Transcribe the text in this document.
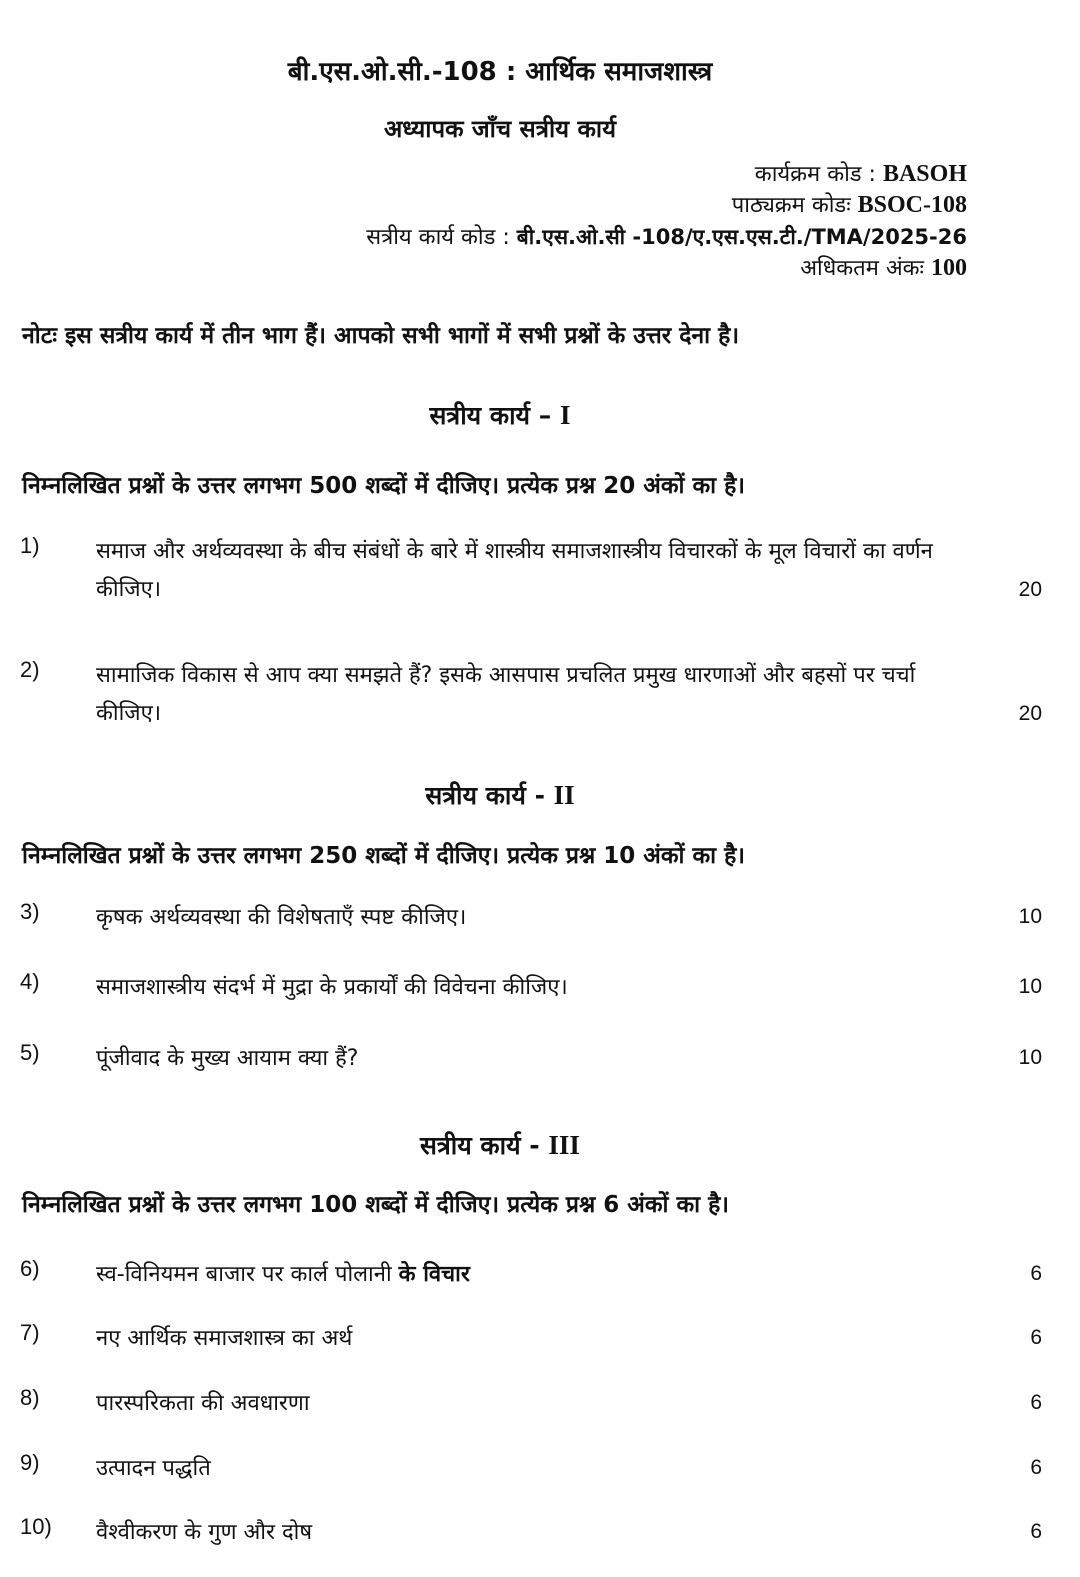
बी.एस.ओ.सी.-108 : आर्थिक समाजशास्त्र
अध्यापक जाँच सत्रीय कार्य
कार्यक्रम कोड : BASOH
पाठ्यक्रम कोडः BSOC-108
सत्रीय कार्य कोड : बी.एस.ओ.सी -108/ए.एस.एस.टी./TMA/2025-26
अधिकतम अंकः 100
नोटः इस सत्रीय कार्य में तीन भाग हैं। आपको सभी भागों में सभी प्रश्नों के उत्तर देना है।
सत्रीय कार्य – I
निम्नलिखित प्रश्नों के उत्तर लगभग 500 शब्दों में दीजिए। प्रत्येक प्रश्न 20 अंकों का है।
1)	समाज और अर्थव्यवस्था के बीच संबंधों के बारे में शास्त्रीय समाजशास्त्रीय विचारकों के मूल विचारों का वर्णन कीजिए।	20
2)	सामाजिक विकास से आप क्या समझते हैं? इसके आसपास प्रचलित प्रमुख धारणाओं और बहसों पर चर्चा कीजिए।	20
सत्रीय कार्य - II
निम्नलिखित प्रश्नों के उत्तर लगभग 250 शब्दों में दीजिए। प्रत्येक प्रश्न 10 अंकों का है।
3)	कृषक अर्थव्यवस्था की विशेषताएँ स्पष्ट कीजिए।	10
4)	समाजशास्त्रीय संदर्भ में मुद्रा के प्रकार्यों की विवेचना कीजिए।	10
5)	पूंजीवाद के मुख्य आयाम क्या हैं?	10
सत्रीय कार्य - III
निम्नलिखित प्रश्नों के उत्तर लगभग 100 शब्दों में दीजिए। प्रत्येक प्रश्न 6 अंकों का है।
6)	स्व-विनियमन बाजार पर कार्ल पोलानी के विचार	6
7)	नए आर्थिक समाजशास्त्र का अर्थ	6
8)	पारस्परिकता की अवधारणा	6
9)	उत्पादन पद्धति	6
10) वैश्वीकरण के गुण और दोष	6
